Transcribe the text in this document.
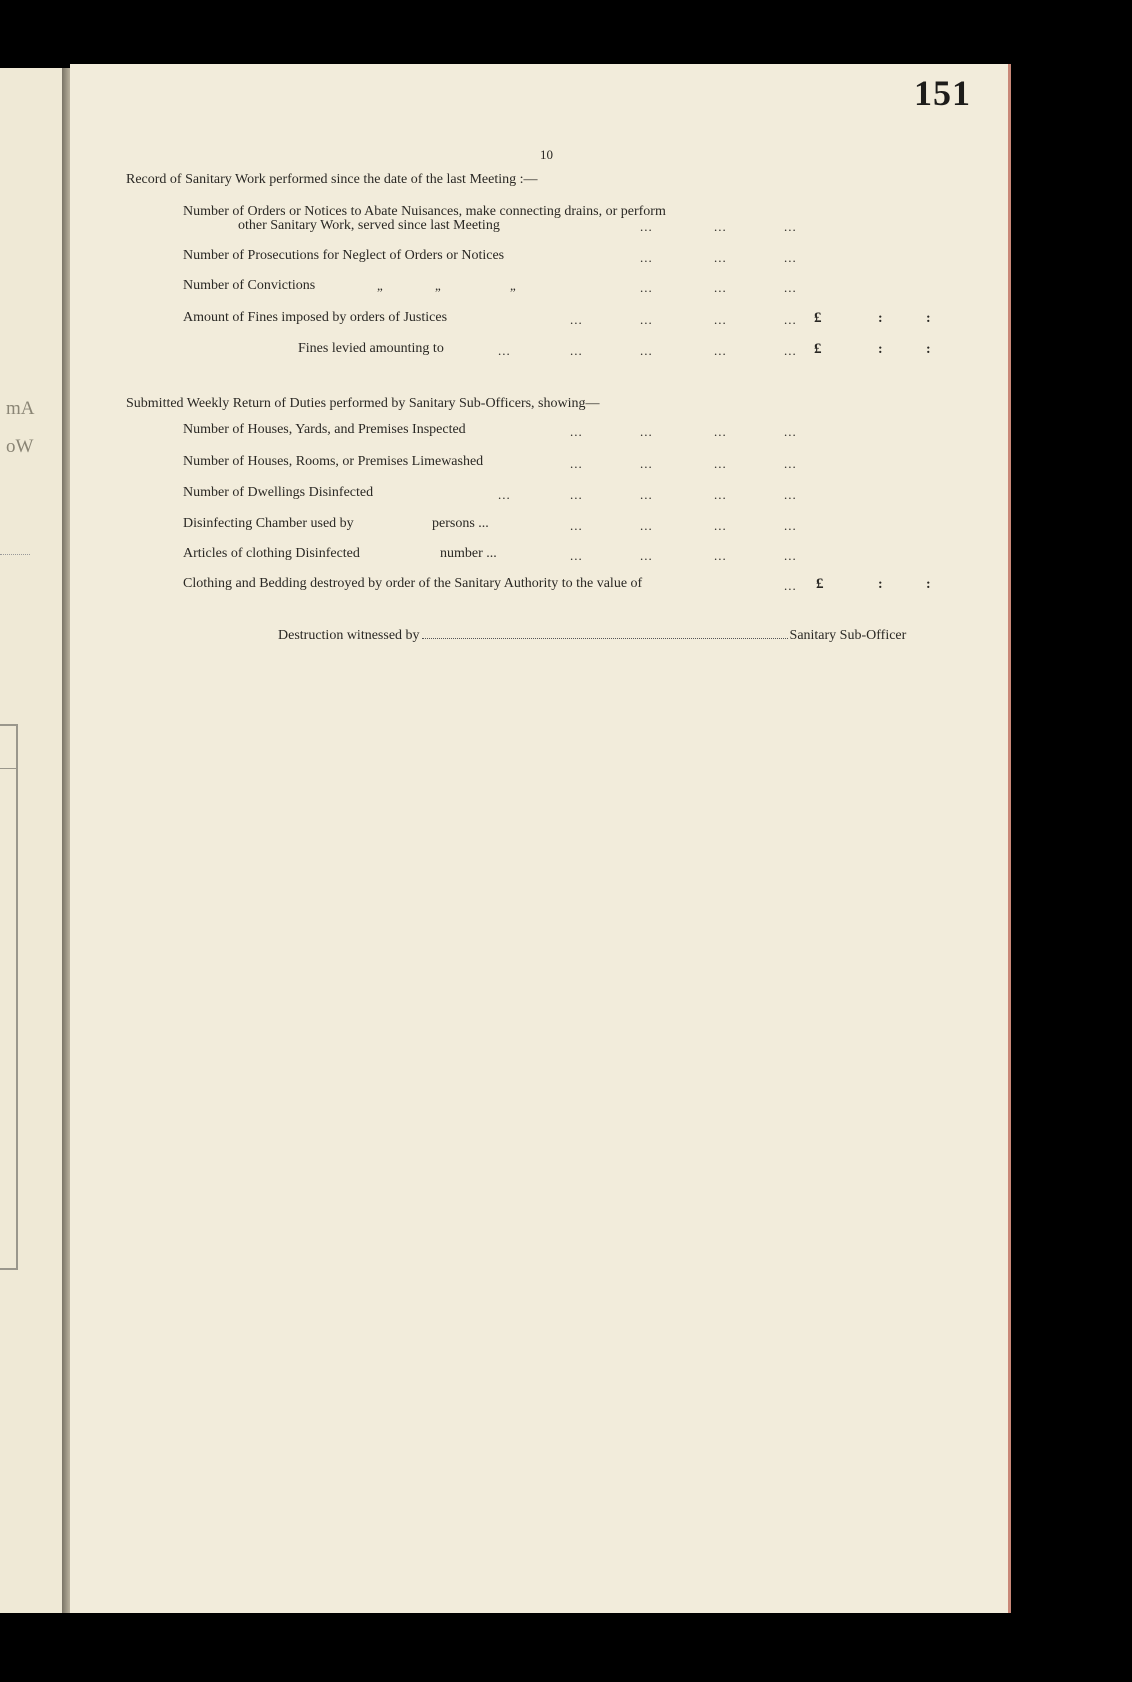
mA
oW
151
10
Record of Sanitary Work performed since the date of the last Meeting :—
Number of Orders or Notices to Abate Nuisances, make connecting drains, or perform
other Sanitary Work, served since last Meeting	...	...	...
Number of Prosecutions for Neglect of Orders or Notices	...	...	...
Number of Convictions	„	„	„	...	...	...
Amount of Fines imposed by orders of Justices	...	...	...	... £	:	:
Fines levied amounting to	...	...	...	...	... £	:	:
Submitted Weekly Return of Duties performed by Sanitary Sub-Officers, showing—
Number of Houses, Yards, and Premises Inspected	...	...	...	...
Number of Houses, Rooms, or Premises Limewashed	...	...	...	...
Number of Dwellings Disinfected	...	...	...	...	...
Disinfecting Chamber used by	persons ...	...	...	...	...
Articles of clothing Disinfected	number ...	...	...	...	...
Clothing and Bedding destroyed by order of the Sanitary Authority to the value of	... £	:	:
Destruction witnessed by	Sanitary Sub-Officer
